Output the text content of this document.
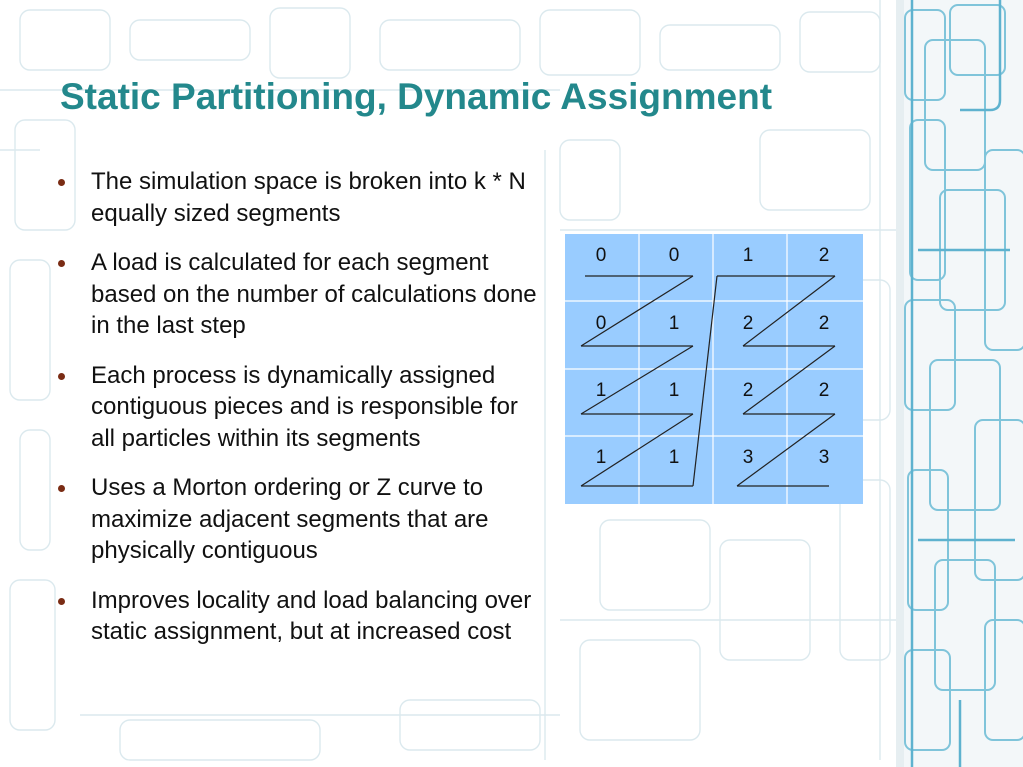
Static Partitioning, Dynamic Assignment
The simulation space is broken into k * N equally sized segments
A load is calculated for each segment based on the number of calculations done in the last step
Each process is dynamically assigned contiguous pieces and is responsible for all particles within its segments
Uses a Morton ordering or Z curve to maximize adjacent segments that are physically contiguous
Improves locality and load balancing over static assignment, but at increased cost
0	0	1	2
0	1	2	2
1	1	2	2
1	1	3	3
